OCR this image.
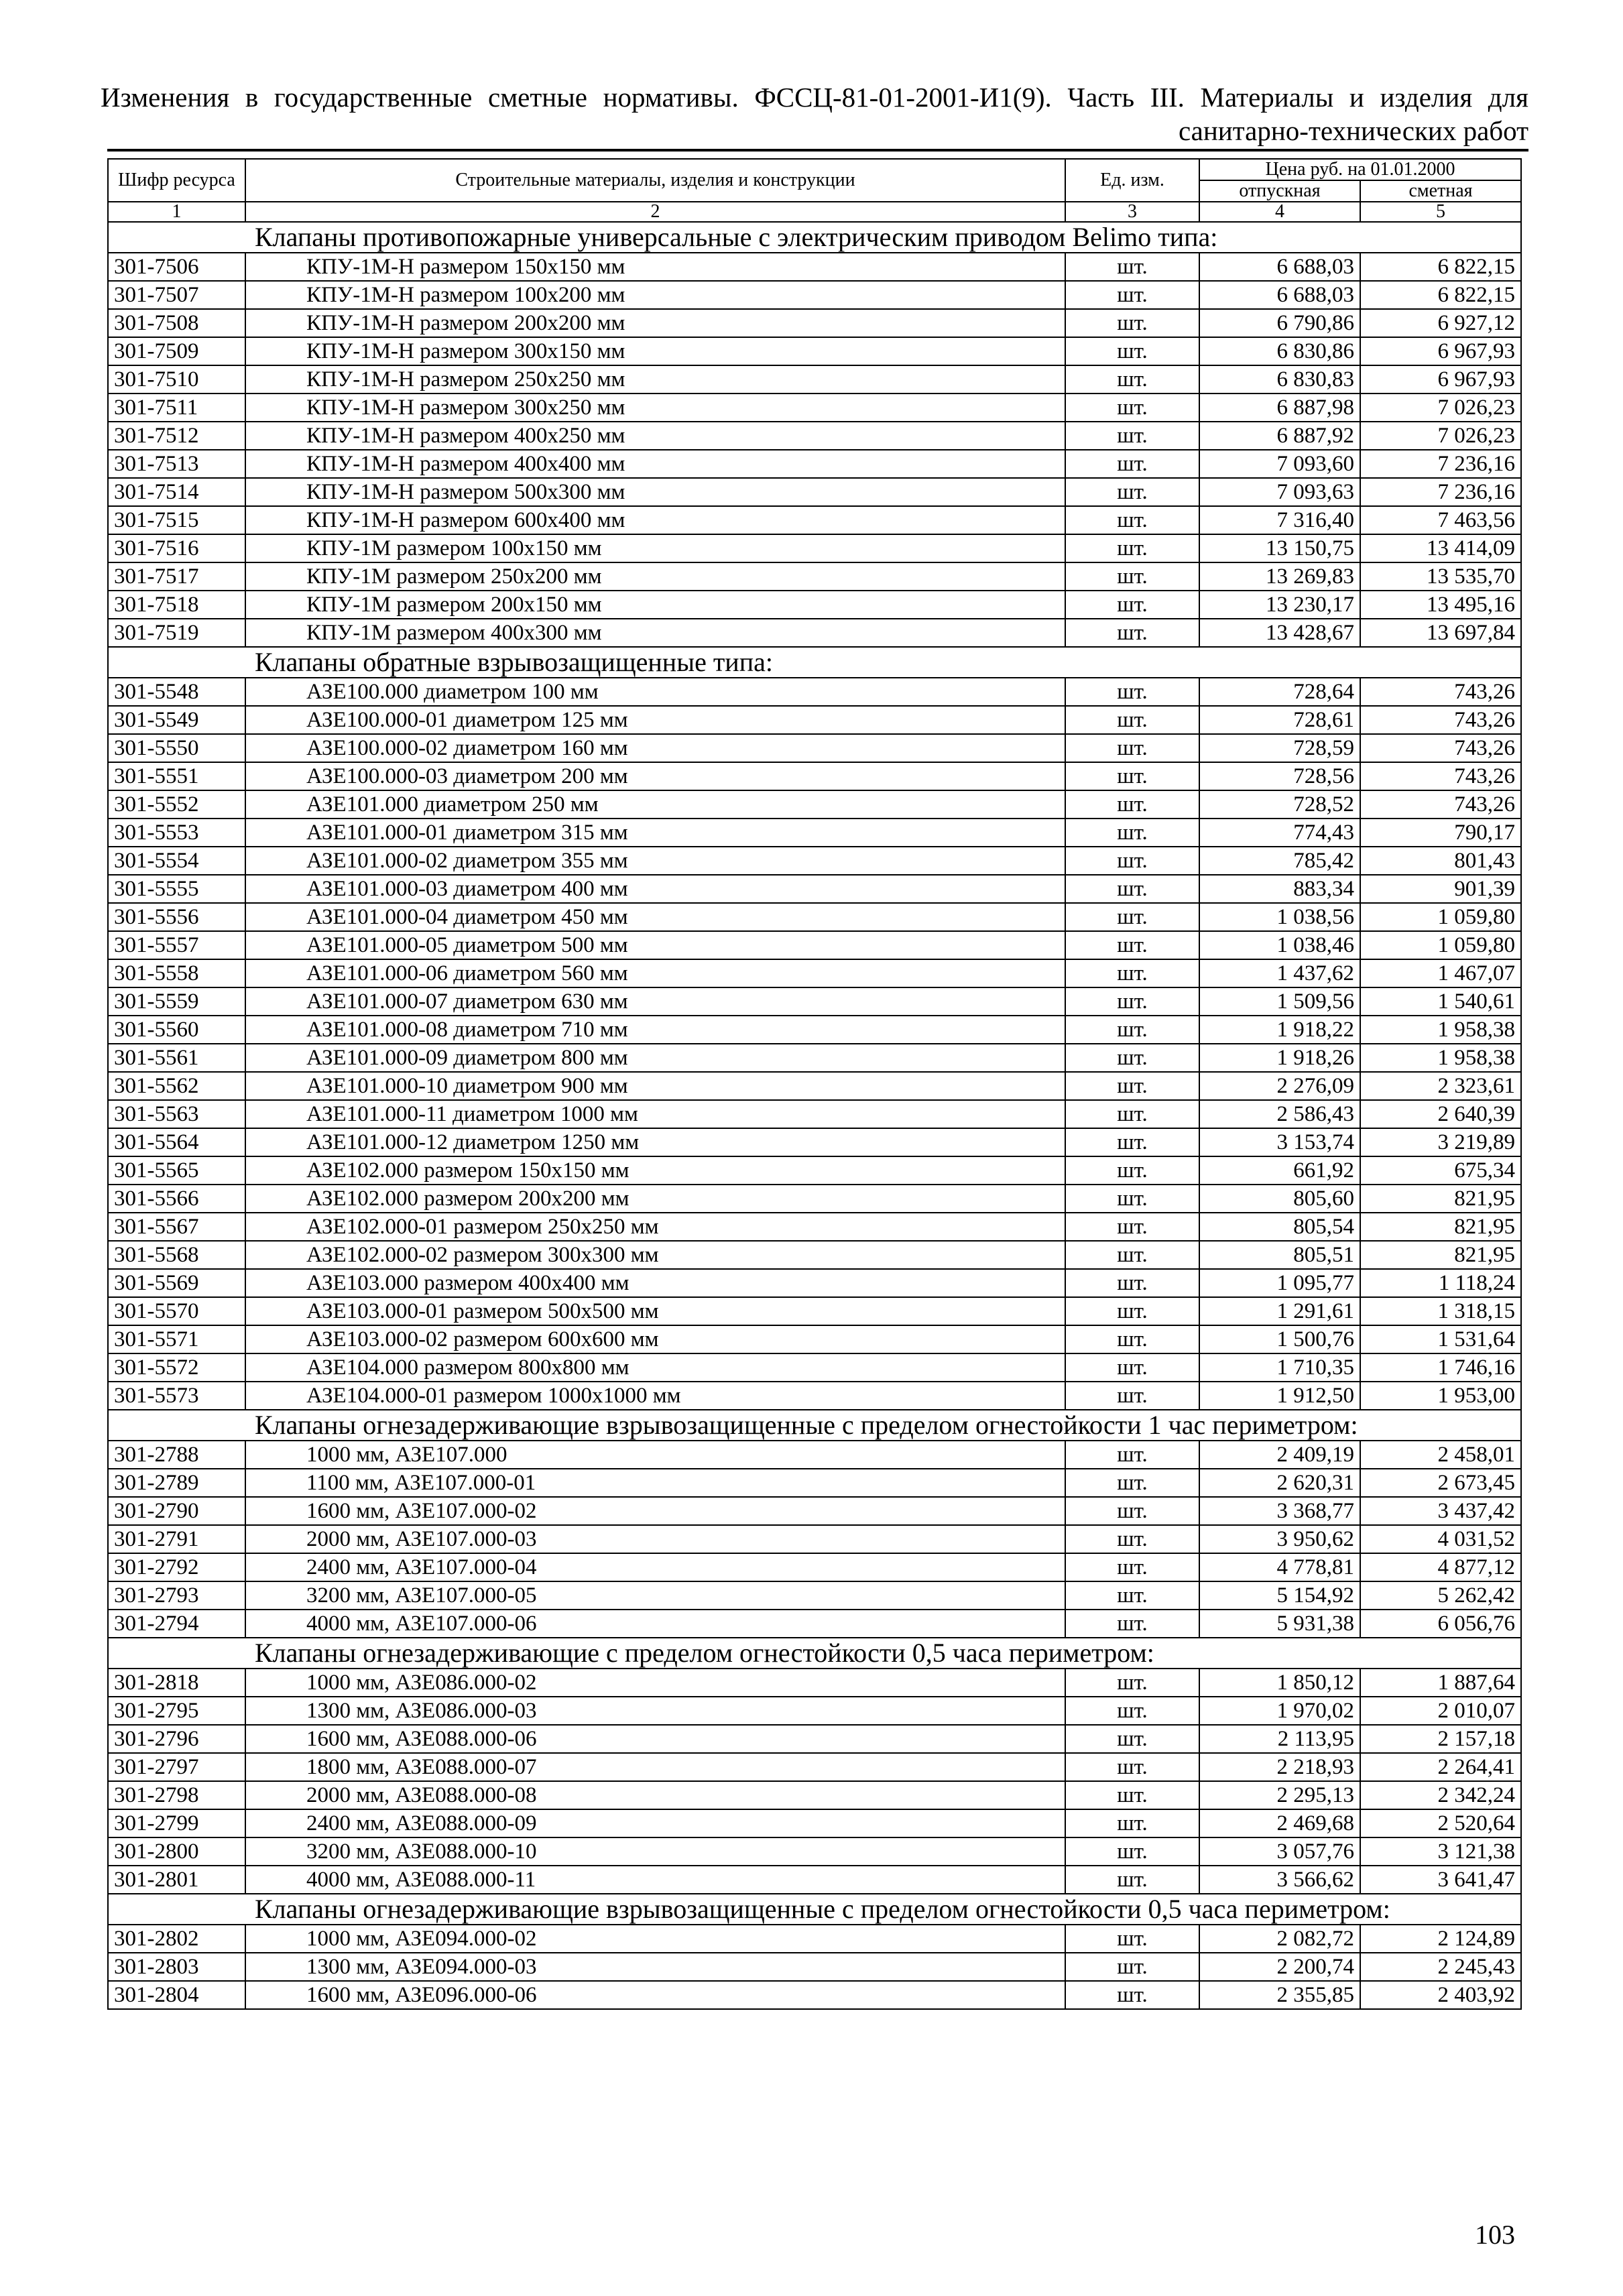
Изменения в государственные сметные нормативы. ФССЦ-81-01-2001-И1(9). Часть III. Материалы и изделия для
санитарно-технических работ
Шифр ресурса	Строительные материалы, изделия и конструкции	Ед. изм.	Цена руб. на 01.01.2000	
			отпускная	сметная
1	2	3	4	5
Клапаны противопожарные универсальные с электрическим приводом Belimo типа:				
301-7506	КПУ-1М-Н размером 150x150 мм	шт.	6 688,03	6 822,15
301-7507	КПУ-1М-Н размером 100x200 мм	шт.	6 688,03	6 822,15
301-7508	КПУ-1М-Н размером 200x200 мм	шт.	6 790,86	6 927,12
301-7509	КПУ-1М-Н размером 300x150 мм	шт.	6 830,86	6 967,93
301-7510	КПУ-1М-Н размером 250x250 мм	шт.	6 830,83	6 967,93
301-7511	КПУ-1М-Н размером 300x250 мм	шт.	6 887,98	7 026,23
301-7512	КПУ-1М-Н размером 400x250 мм	шт.	6 887,92	7 026,23
301-7513	КПУ-1М-Н размером 400x400 мм	шт.	7 093,60	7 236,16
301-7514	КПУ-1М-Н размером 500x300 мм	шт.	7 093,63	7 236,16
301-7515	КПУ-1М-Н размером 600x400 мм	шт.	7 316,40	7 463,56
301-7516	КПУ-1М размером 100x150 мм	шт.	13 150,75	13 414,09
301-7517	КПУ-1М размером 250x200 мм	шт.	13 269,83	13 535,70
301-7518	КПУ-1М размером 200x150 мм	шт.	13 230,17	13 495,16
301-7519	КПУ-1М размером 400x300 мм	шт.	13 428,67	13 697,84
Клапаны обратные взрывозащищенные типа:				
301-5548	АЗЕ100.000 диаметром 100 мм	шт.	728,64	743,26
301-5549	АЗЕ100.000-01 диаметром 125 мм	шт.	728,61	743,26
301-5550	АЗЕ100.000-02 диаметром 160 мм	шт.	728,59	743,26
301-5551	АЗЕ100.000-03 диаметром 200 мм	шт.	728,56	743,26
301-5552	АЗЕ101.000 диаметром 250 мм	шт.	728,52	743,26
301-5553	АЗЕ101.000-01 диаметром 315 мм	шт.	774,43	790,17
301-5554	АЗЕ101.000-02 диаметром 355 мм	шт.	785,42	801,43
301-5555	АЗЕ101.000-03 диаметром 400 мм	шт.	883,34	901,39
301-5556	АЗЕ101.000-04 диаметром 450 мм	шт.	1 038,56	1 059,80
301-5557	АЗЕ101.000-05 диаметром 500 мм	шт.	1 038,46	1 059,80
301-5558	АЗЕ101.000-06 диаметром 560 мм	шт.	1 437,62	1 467,07
301-5559	АЗЕ101.000-07 диаметром 630 мм	шт.	1 509,56	1 540,61
301-5560	АЗЕ101.000-08 диаметром 710 мм	шт.	1 918,22	1 958,38
301-5561	АЗЕ101.000-09 диаметром 800 мм	шт.	1 918,26	1 958,38
301-5562	АЗЕ101.000-10 диаметром 900 мм	шт.	2 276,09	2 323,61
301-5563	АЗЕ101.000-11 диаметром 1000 мм	шт.	2 586,43	2 640,39
301-5564	АЗЕ101.000-12 диаметром 1250 мм	шт.	3 153,74	3 219,89
301-5565	АЗЕ102.000 размером 150x150 мм	шт.	661,92	675,34
301-5566	АЗЕ102.000 размером 200x200 мм	шт.	805,60	821,95
301-5567	АЗЕ102.000-01 размером 250x250 мм	шт.	805,54	821,95
301-5568	АЗЕ102.000-02 размером 300x300 мм	шт.	805,51	821,95
301-5569	АЗЕ103.000 размером 400x400 мм	шт.	1 095,77	1 118,24
301-5570	АЗЕ103.000-01 размером 500x500 мм	шт.	1 291,61	1 318,15
301-5571	АЗЕ103.000-02 размером 600x600 мм	шт.	1 500,76	1 531,64
301-5572	АЗЕ104.000 размером 800x800 мм	шт.	1 710,35	1 746,16
301-5573	АЗЕ104.000-01 размером 1000x1000 мм	шт.	1 912,50	1 953,00
Клапаны огнезадерживающие взрывозащищенные с пределом огнестойкости 1 час периметром:				
301-2788	1000 мм, АЗЕ107.000	шт.	2 409,19	2 458,01
301-2789	1100 мм, АЗЕ107.000-01	шт.	2 620,31	2 673,45
301-2790	1600 мм, АЗЕ107.000-02	шт.	3 368,77	3 437,42
301-2791	2000 мм, АЗЕ107.000-03	шт.	3 950,62	4 031,52
301-2792	2400 мм, АЗЕ107.000-04	шт.	4 778,81	4 877,12
301-2793	3200 мм, АЗЕ107.000-05	шт.	5 154,92	5 262,42
301-2794	4000 мм, АЗЕ107.000-06	шт.	5 931,38	6 056,76
Клапаны огнезадерживающие с пределом огнестойкости 0,5 часа периметром:				
301-2818	1000 мм, АЗЕ086.000-02	шт.	1 850,12	1 887,64
301-2795	1300 мм, АЗЕ086.000-03	шт.	1 970,02	2 010,07
301-2796	1600 мм, АЗЕ088.000-06	шт.	2 113,95	2 157,18
301-2797	1800 мм, АЗЕ088.000-07	шт.	2 218,93	2 264,41
301-2798	2000 мм, АЗЕ088.000-08	шт.	2 295,13	2 342,24
301-2799	2400 мм, АЗЕ088.000-09	шт.	2 469,68	2 520,64
301-2800	3200 мм, АЗЕ088.000-10	шт.	3 057,76	3 121,38
301-2801	4000 мм, АЗЕ088.000-11	шт.	3 566,62	3 641,47
Клапаны огнезадерживающие взрывозащищенные с пределом огнестойкости 0,5 часа периметром:				
301-2802	1000 мм, АЗЕ094.000-02	шт.	2 082,72	2 124,89
301-2803	1300 мм, АЗЕ094.000-03	шт.	2 200,74	2 245,43
301-2804	1600 мм, АЗЕ096.000-06	шт.	2 355,85	2 403,92
103
